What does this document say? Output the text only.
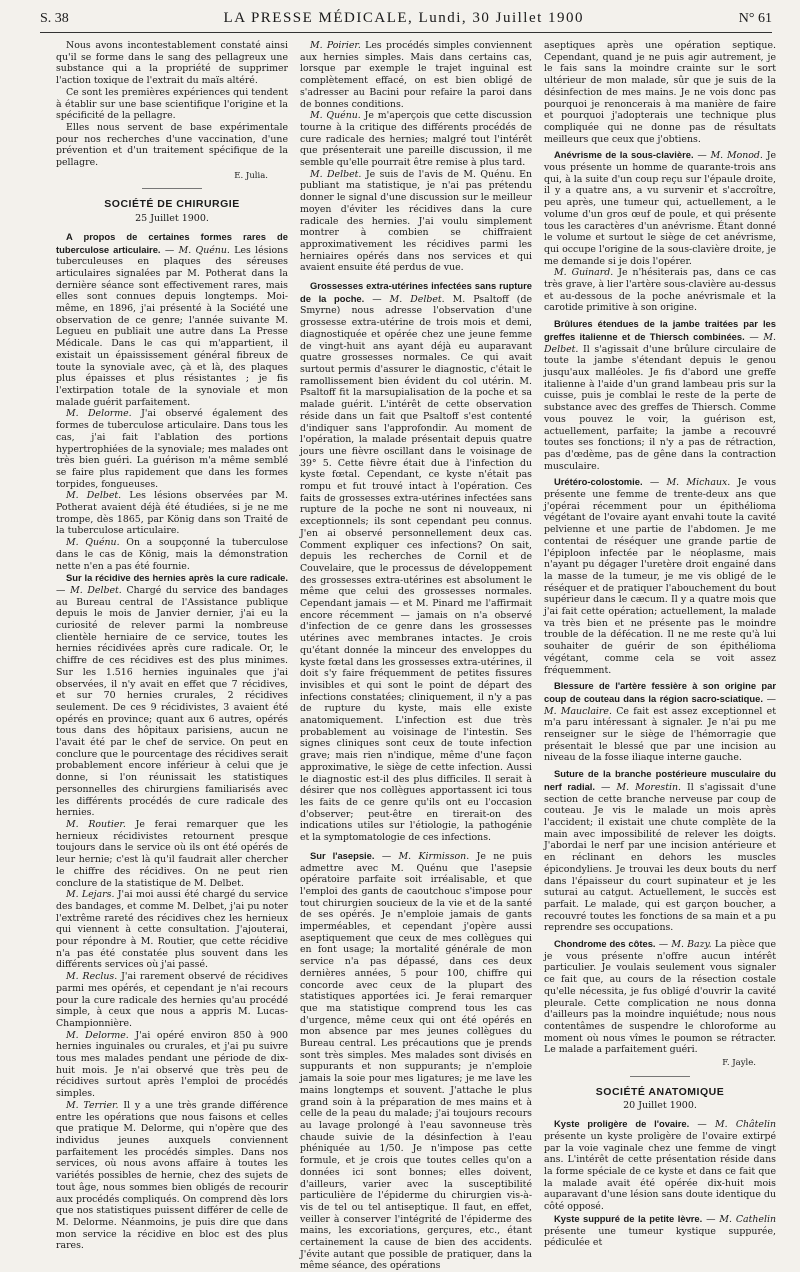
S. 38	LA PRESSE MÉDICALE, Lundi, 30 Juillet 1900	N° 61

Nous avons incontestablement constaté ainsi qu'il se forme dans le sang des pellagreux une substance qui a la propriété de supprimer l'action toxique de l'extrait du maïs altéré.

Ce sont les premières expériences qui tendent à établir sur une base scientifique l'origine et la spécificité de la pellagre.

Elles nous servent de base expérimentale pour nos recherches d'une vaccination, d'une prévention et d'un traitement spécifique de la pellagre.

E. Julia.
SOCIÉTÉ DE CHIRURGIE
25 Juillet 1900.

A propos de certaines formes rares de tuberculose articulaire. — M. Quénu. Les lésions tuberculeuses en plaques des séreuses articulaires signalées par M. Potherat dans la dernière séance sont effectivement rares, mais elles sont connues depuis longtemps. Moi-même, en 1896, j'ai présenté à la Société une observation de ce genre; l'année suivante M. Legueu en publiait une autre dans La Presse Médicale. Dans le cas qui m'appartient, il existait un épaississement général fibreux de toute la synoviale avec, çà et là, des plaques plus épaisses et plus résistantes ; je fis l'extirpation totale de la synoviale et mon malade guérit parfaitement.

M. Delorme. J'ai observé également des formes de tuberculose articulaire. Dans tous les cas, j'ai fait l'ablation des portions hypertrophiées de la synoviale; mes malades ont très bien guéri. La guérison m'a même semblé se faire plus rapidement que dans les formes torpides, fongueuses.

M. Delbet. Les lésions observées par M. Potherat avaient déjà été étudiées, si je ne me trompe, dès 1865, par König dans son Traité de la tuberculose articulaire.

M. Quénu. On a soupçonné la tuberculose dans le cas de König, mais la démonstration nette n'en a pas été fournie.

Sur la récidive des hernies après la cure radicale. — M. Delbet. Chargé du service des bandages au Bureau central de l'Assistance publique depuis le mois de Janvier dernier, j'ai eu la curiosité de relever parmi la nombreuse clientèle herniaire de ce service, toutes les hernies récidivées après cure radicale. Or, le chiffre de ces récidives est des plus minimes. Sur les 1.516 hernies inguinales que j'ai observées, il n'y avait en effet que 7 récidives, et sur 70 hernies crurales, 2 récidives seulement. De ces 9 récidivistes, 3 avaient été opérés en province; quant aux 6 autres, opérés tous dans des hôpitaux parisiens, aucun ne l'avait été par le chef de service. On peut en conclure que le pourcentage des récidives serait probablement encore inférieur à celui que je donne, si l'on réunissait les statistiques personnelles des chirurgiens familiarisés avec les différents procédés de cure radicale des hernies.

M. Routier. Je ferai remarquer que les hernieux récidivistes retournent presque toujours dans le service où ils ont été opérés de leur hernie; c'est là qu'il faudrait aller chercher le chiffre des récidives. On ne peut rien conclure de la statistique de M. Delbet.

M. Lejars. J'ai moi aussi été chargé du service des bandages, et comme M. Delbet, j'ai pu noter l'extrême rareté des récidives chez les hernieux qui viennent à cette consultation. J'ajouterai, pour répondre à M. Routier, que cette récidive n'a pas été constatée plus souvent dans les différents services où j'ai passé.

M. Reclus. J'ai rarement observé de récidives parmi mes opérés, et cependant je n'ai recours pour la cure radicale des hernies qu'au procédé simple, à ceux que nous a appris M. Lucas-Championnière.

M. Delorme. J'ai opéré environ 850 à 900 hernies inguinales ou crurales, et j'ai pu suivre tous mes malades pendant une période de dix-huit mois. Je n'ai observé que très peu de récidives surtout après l'emploi de procédés simples.

M. Terrier. Il y a une très grande différence entre les opérations que nous faisons et celles que pratique M. Delorme, qui n'opère que des individus jeunes auxquels conviennent parfaitement les procédés simples. Dans nos services, où nous avons affaire à toutes les variétés possibles de hernie, chez des sujets de tout âge, nous sommes bien obligés de recourir aux procédés compliqués. On comprend dès lors que nos statistiques puissent différer de celle de M. Delorme. Néanmoins, je puis dire que dans mon service la récidive en bloc est des plus rares.

M. Poirier. Les procédés simples conviennent aux hernies simples. Mais dans certains cas, lorsque par exemple le trajet inguinal est complètement effacé, on est bien obligé de s'adresser au Bacini pour refaire la paroi dans de bonnes conditions.

M. Quénu. Je m'aperçois que cette discussion tourne à la critique des différents procédés de cure radicale des hernies; malgré tout l'intérêt que présenterait une pareille discussion, il me semble qu'elle pourrait être remise à plus tard.

M. Delbet. Je suis de l'avis de M. Quénu. En publiant ma statistique, je n'ai pas prétendu donner le signal d'une discussion sur le meilleur moyen d'éviter les récidives dans la cure radicale des hernies. J'ai voulu simplement montrer à combien se chiffraient approximativement les récidives parmi les herniaires opérés dans nos services et qui avaient ensuite été perdus de vue.

Grossesses extra-utérines infectées sans rupture de la poche. — M. Delbet. M. Psaltoff (de Smyrne) nous adresse l'observation d'une grossesse extra-utérine de trois mois et demi, diagnostiquée et opérée chez une jeune femme de vingt-huit ans ayant déjà eu auparavant quatre grossesses normales. Ce qui avait surtout permis d'assurer le diagnostic, c'était le ramollissement bien évident du col utérin. M. Psaltoff fit la marsupialisation de la poche et sa malade guérit. L'intérêt de cette observation réside dans un fait que Psaltoff s'est contenté d'indiquer sans l'approfondir. Au moment de l'opération, la malade présentait depuis quatre jours une fièvre oscillant dans le voisinage de 39° 5. Cette fièvre était due à l'infection du kyste fœtal. Cependant, ce kyste n'était pas rompu et fut trouvé intact à l'opération. Ces faits de grossesses extra-utérines infectées sans rupture de la poche ne sont ni nouveaux, ni exceptionnels; ils sont cependant peu connus. J'en ai observé personnellement deux cas. Comment expliquer ces infections? On sait, depuis les recherches de Cornil et de Couvelaire, que le processus de développement des grossesses extra-utérines est absolument le même que celui des grossesses normales. Cependant jamais — et M. Pinard me l'affirmait encore récemment — jamais on n'a observé d'infection de ce genre dans les grossesses utérines avec membranes intactes. Je crois qu'étant donnée la minceur des enveloppes du kyste fœtal dans les grossesses extra-utérines, il doit s'y faire fréquemment de petites fissures invisibles et qui sont le point de départ des infections constatées; cliniquement, il n'y a pas de rupture du kyste, mais elle existe anatomiquement. L'infection est due très probablement au voisinage de l'intestin. Ses signes cliniques sont ceux de toute infection grave; mais rien n'indique, même d'une façon approximative, le siège de cette infection. Aussi le diagnostic est-il des plus difficiles. Il serait à désirer que nos collègues apportassent ici tous les faits de ce genre qu'ils ont eu l'occasion d'observer; peut-être en tirerait-on des indications utiles sur l'étiologie, la pathogénie et la symptomatologie de ces infections.

Sur l'asepsie. — M. Kirmisson. Je ne puis admettre avec M. Quénu que l'asepsie opératoire parfaite soit irréalisable, et que l'emploi des gants de caoutchouc s'impose pour tout chirurgien soucieux de la vie et de la santé de ses opérés. Je n'emploie jamais de gants imperméables, et cependant j'opère aussi aseptiquement que ceux de mes collègues qui en font usage; la mortalité générale de mon service n'a pas dépassé, dans ces deux dernières années, 5 pour 100, chiffre qui concorde avec ceux de la plupart des statistiques apportées ici. Je ferai remarquer que ma statistique comprend tous les cas d'urgence, même ceux qui ont été opérés en mon absence par mes jeunes collègues du Bureau central. Les précautions que je prends sont très simples. Mes malades sont divisés en suppurants et non suppurants; je n'emploie jamais la soie pour mes ligatures; je me lave les mains longtemps et souvent. J'attache le plus grand soin à la préparation de mes mains et à celle de la peau du malade; j'ai toujours recours au lavage prolongé à l'eau savonneuse très chaude suivie de la désinfection à l'eau phéniquée au 1/50. Je n'impose pas cette formule, et je crois que toutes celles qu'on a données ici sont bonnes; elles doivent, d'ailleurs, varier avec la susceptibilité particulière de l'épiderme du chirurgien vis-à-vis de tel ou tel antiseptique. Il faut, en effet, veiller à conserver l'intégrité de l'épiderme des mains, les excoriations, gerçures, etc., étant certainement la cause de bien des accidents. J'évite autant que possible de pratiquer, dans la même séance, des opérations

aseptiques après une opération septique. Cependant, quand je ne puis agir autrement, je le fais sans la moindre crainte sur le sort ultérieur de mon malade, sûr que je suis de la désinfection de mes mains. Je ne vois donc pas pourquoi je renoncerais à ma manière de faire et pourquoi j'adopterais une technique plus compliquée qui ne donne pas de résultats meilleurs que ceux que j'obtiens.

Anévrisme de la sous-clavière. — M. Monod. Je vous présente un homme de quarante-trois ans qui, à la suite d'un coup reçu sur l'épaule droite, il y a quatre ans, a vu survenir et s'accroître, peu après, une tumeur qui, actuellement, a le volume d'un gros œuf de poule, et qui présente tous les caractères d'un anévrisme. Étant donné le volume et surtout le siège de cet anévrisme, qui occupe l'origine de la sous-clavière droite, je me demande si je dois l'opérer.

M. Guinard. Je n'hésiterais pas, dans ce cas très grave, à lier l'artère sous-clavière au-dessus et au-dessous de la poche anévrismale et la carotide primitive à son origine.

Brûlures étendues de la jambe traitées par les greffes italienne et de Thiersch combinées. — M. Delbet. Il s'agissait d'une brûlure circulaire de toute la jambe s'étendant depuis le genou jusqu'aux malléoles. Je fis d'abord une greffe italienne à l'aide d'un grand lambeau pris sur la cuisse, puis je comblai le reste de la perte de substance avec des greffes de Thiersch. Comme vous pouvez le voir, la guérison est, actuellement, parfaite; la jambe a recouvré toutes ses fonctions; il n'y a pas de rétraction, pas d'œdème, pas de gêne dans la contraction musculaire.

Urétéro-colostomie. — M. Michaux. Je vous présente une femme de trente-deux ans que j'opérai récemment pour un épithélioma végétant de l'ovaire ayant envahi toute la cavité pelvienne et une partie de l'abdomen. Je me contentai de réséquer une grande partie de l'épiploon infectée par le néoplasme, mais n'ayant pu dégager l'uretère droit engainé dans la masse de la tumeur, je me vis obligé de le réséquer et de pratiquer l'abouchement du bout supérieur dans le cæcum. Il y a quatre mois que j'ai fait cette opération; actuellement, la malade va très bien et ne présente pas le moindre trouble de la défécation. Il ne me reste qu'à lui souhaiter de guérir de son épithélioma végétant, comme cela se voit assez fréquemment.

Blessure de l'artère fessière à son origine par coup de couteau dans la région sacro-sciatique. — M. Mauclaire. Ce fait est assez exceptionnel et m'a paru intéressant à signaler. Je n'ai pu me renseigner sur le siège de l'hémorragie que présentait le blessé que par une incision au niveau de la fosse iliaque interne gauche.

Suture de la branche postérieure musculaire du nerf radial. — M. Morestin. Il s'agissait d'une section de cette branche nerveuse par coup de couteau. Je vis le malade un mois après l'accident; il existait une chute complète de la main avec impossibilité de relever les doigts. J'abordai le nerf par une incision antérieure et en réclinant en dehors les muscles épicondyliens. Je trouvai les deux bouts du nerf dans l'épaisseur du court supinateur et je les suturai au catgut. Actuellement, le succès est parfait. Le malade, qui est garçon boucher, a recouvré toutes les fonctions de sa main et a pu reprendre ses occupations.

Chondrome des côtes. — M. Bazy. La pièce que je vous présente n'offre aucun intérêt particulier. Je voulais seulement vous signaler ce fait que, au cours de la résection costale qu'elle nécessita, je fus obligé d'ouvrir la cavité pleurale. Cette complication ne nous donna d'ailleurs pas la moindre inquiétude; nous nous contentâmes de suspendre le chloroforme au moment où nous vîmes le poumon se rétracter. Le malade a parfaitement guéri.

F. Jayle.
SOCIÉTÉ ANATOMIQUE
20 Juillet 1900.

Kyste proligère de l'ovaire. — M. Châtelin présente un kyste proligère de l'ovaire extirpé par la voie vaginale chez une femme de vingt ans. L'intérêt de cette présentation réside dans la forme spéciale de ce kyste et dans ce fait que la malade avait été opérée dix-huit mois auparavant d'une lésion sans doute identique du côté opposé.

Kyste suppuré de la petite lèvre. — M. Cathelin présente une tumeur kystique suppurée, pédiculée et
